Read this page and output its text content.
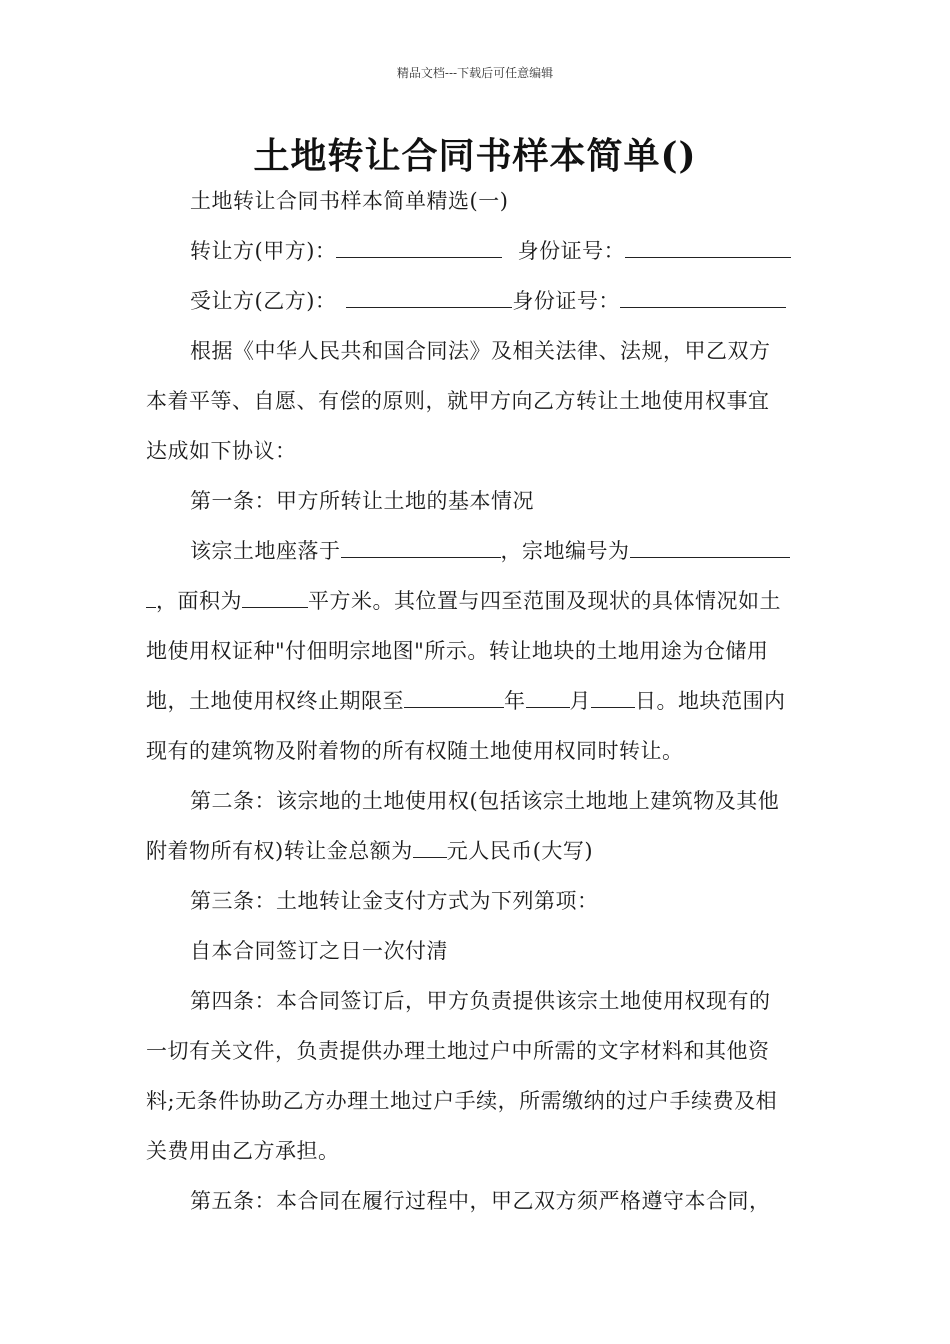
精品文档---下载后可任意编辑
土地转让合同书样本简单()
土地转让合同书样本简单精选(一)
转让方(甲方)：	身份证号：
受让方(乙方)：	身份证号：
根据《中华人民共和国合同法》及相关法律、法规，甲乙双方
本着平等、自愿、有偿的原则，就甲方向乙方转让土地使用权事宜
达成如下协议：
第一条：甲方所转让土地的基本情况
该宗土地座落于	，宗地编号为
，面积为	平方米。其位置与四至范围及现状的具体情况如土
地使用权证种"付佃明宗地图"所示。转让地块的土地用途为仓储用
地，土地使用权终止期限至	年 月 日。地块范围内
现有的建筑物及附着物的所有权随土地使用权同时转让。
第二条：该宗地的土地使用权(包括该宗土地地上建筑物及其他
附着物所有权)转让金总额为 元人民币(大写)
第三条：土地转让金支付方式为下列第项：
自本合同签订之日一次付清
第四条：本合同签订后，甲方负责提供该宗土地使用权现有的
一切有关文件，负责提供办理土地过户中所需的文字材料和其他资
料;无条件协助乙方办理土地过户手续，所需缴纳的过户手续费及相
关费用由乙方承担。
第五条：本合同在履行过程中，甲乙双方须严格遵守本合同，
